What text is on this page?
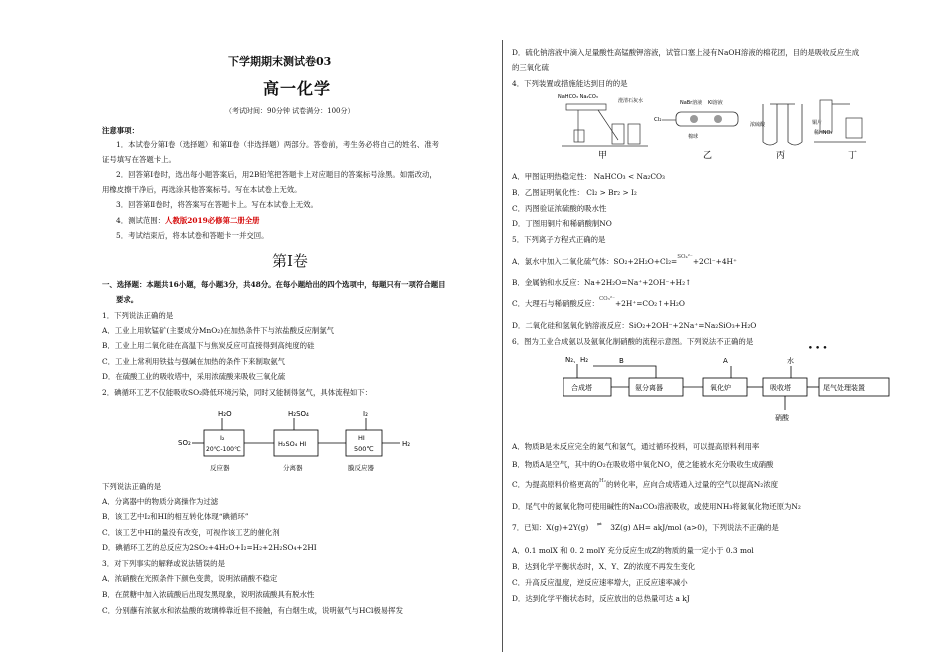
下学期期末测试卷03
高一化学
（考试时间：90分钟 试卷满分：100分）
注意事项：
1．本试卷分第Ⅰ卷（选择题）和第Ⅱ卷（非选择题）两部分。答卷前，考生务必将自己的姓名、准考
证号填写在答题卡上。
2．回答第Ⅰ卷时，选出每小题答案后，用2B铅笔把答题卡上对应题目的答案标号涂黑。如需改动，
用橡皮擦干净后，再选涂其他答案标号。写在本试卷上无效。
3．回答第Ⅱ卷时，将答案写在答题卡上。写在本试卷上无效。
4．测试范围：人教版2019必修第二册全册
5．考试结束后，将本试卷和答题卡一并交回。
第Ⅰ卷
一、选择题：本题共16小题，每小题3分，共48分。在每小题给出的四个选项中，每题只有一项符合题目
要求。
1．下列说法正确的是
A．工业上用软锰矿(主要成分MnO₂)在加热条件下与浓盐酸反应制氯气
B．工业上用二氧化硅在高温下与焦炭反应可直接得到高纯度的硅
C．工业上常利用铁盐与强碱在加热的条件下来制取氨气
D．在硫酸工业的吸收塔中，采用浓硫酸来吸收三氧化硫
2．碘循环工艺不仅能吸收SO₂降低环境污染，同时又能制得氢气，具体流程如下：
H₂O	H₂SO₄	I₂
SO₂
I₂
20℃-100℃
H₂SO₄ HI
HI
500℃
H₂
反应器	分离器	膜反应器
下列说法正确的是
A．分离器中的物质分离操作为过滤
B．该工艺中I₂和HI的相互转化体现“碘循环”
C．该工艺中HI的量没有改变，可视作该工艺的催化剂
D．碘循环工艺的总反应为2SO₂+4H₂O+I₂=H₂+2H₂SO₄+2HI
3．对下列事实的解释或说法错误的是
A．浓硝酸在光照条件下颜色变黄，说明浓硝酸不稳定
B．在蔗糖中加入浓硫酸后出现发黑现象，说明浓硫酸具有脱水性
C．分别蘸有浓氨水和浓盐酸的玻璃棒靠近但不接触，有白烟生成，说明氨气与HCl极易挥发
D．硫化钠溶液中滴入足量酸性高锰酸钾溶液，试管口塞上浸有NaOH溶液的棉花团，目的是吸收反应生成
的三氧化硫
4．下列装置或措施能达到目的的是
NaHCO₃ Na₂CO₃
澄清石灰水
甲
NaBr溶液 KI溶液
Cl₂
棉球
乙
浓硫酸
丙
铜片
稀HNO₃
丁
A．甲图证明热稳定性： NaHCO₃ < Na₂CO₃
B．乙图证明氧化性： Cl₂ > Br₂ > I₂
C．丙图验证浓硫酸的吸水性
D．丁图用铜片和稀硝酸制NO
5．下列离子方程式正确的是
A．氯水中加入二氧化硫气体：SO₂+2H₂O+Cl₂=$^{SO_4^{2-}}$+2Cl⁻+4H⁺
B．金属钠和水反应：Na+2H₂O=Na⁺+2OH⁻+H₂↑
C．大理石与稀硝酸反应：$^{CO_3^{2-}}$+2H⁺=CO₂↑+H₂O
D．二氧化硅和氢氧化钠溶液反应：SiO₂+2OH⁻+2Na⁺=Na₂SiO₃+H₂O
6．图为工业合成氨以及氨氧化制硝酸的流程示意图。下列说法不正确的是
• • •
N₂、H₂
合成塔	氨分离器
B
氧化炉
A
吸收塔
水
硝酸
尾气处理装置
A．物质B是未反应完全的氮气和氢气，通过循环投料，可以提高原料利用率
B．物质A是空气，其中的O₂在吸收塔中氧化NO，使之能被水充分吸收生成硝酸
C．为提高原料价格更高的$^{H_2}$的转化率，应向合成塔通入过量的空气以提高N₂浓度
D．尾气中的氮氧化物可使用碱性的Na₂CO₃溶液吸收，或使用NH₃将氮氧化物还原为N₂
7．已知：X(g)+2Y(g) ⇌ 3Z(g) ΔH= akJ/mol (a>0)，下列说法不正确的是
A．0.1 molX 和 0. 2 molY 充分反应生成Z的物质的量一定小于 0.3 mol
B．达到化学平衡状态时，X、Y、Z的浓度不再发生变化
C．升高反应温度，逆反应速率增大，正反应速率减小
D．达到化学平衡状态时，反应放出的总热量可达 a kJ
